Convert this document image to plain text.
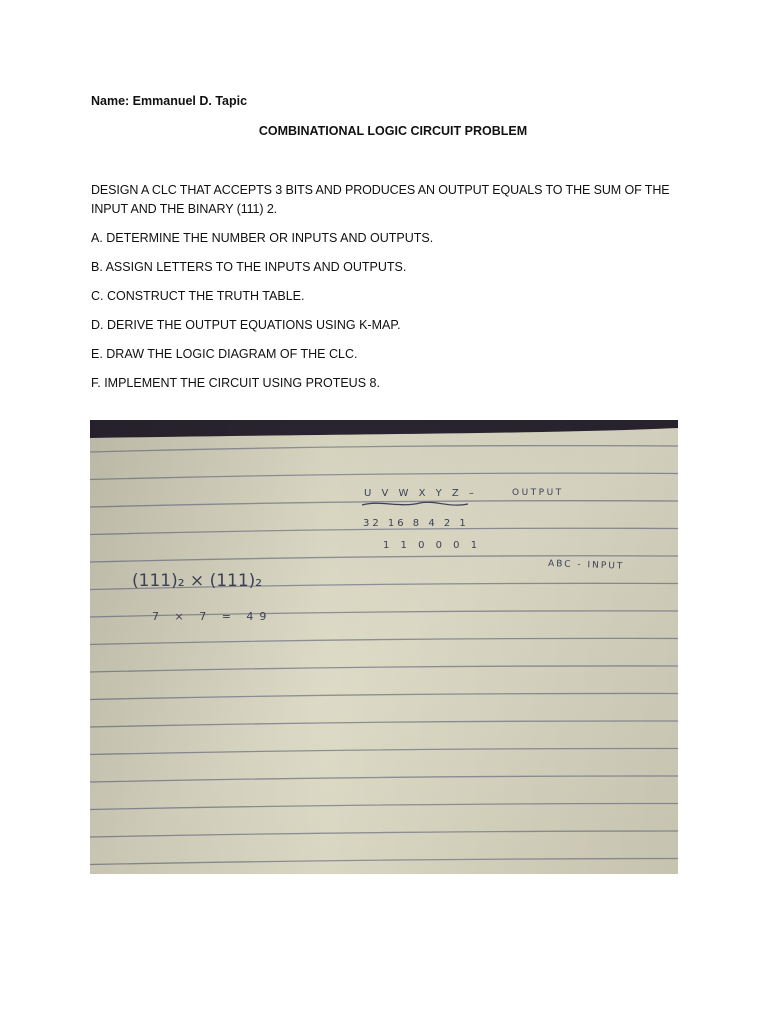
Name: Emmanuel D. Tapic
COMBINATIONAL LOGIC CIRCUIT PROBLEM
DESIGN A CLC THAT ACCEPTS 3 BITS AND PRODUCES AN OUTPUT EQUALS TO THE SUM OF THE INPUT AND THE BINARY (111) 2.
A. DETERMINE THE NUMBER OR INPUTS AND OUTPUTS.
B. ASSIGN LETTERS TO THE INPUTS AND OUTPUTS.
C. CONSTRUCT THE TRUTH TABLE.
D. DERIVE THE OUTPUT EQUATIONS USING K-MAP.
E. DRAW THE LOGIC DIAGRAM OF THE CLC.
F. IMPLEMENT THE CIRCUIT USING PROTEUS 8.
U V W X Y Z –	OUTPUT
32 16 8 4 2 1
1 1 0 0 0 1
ABC - INPUT
(111)₂ × (111)₂
7 × 7 = 49
